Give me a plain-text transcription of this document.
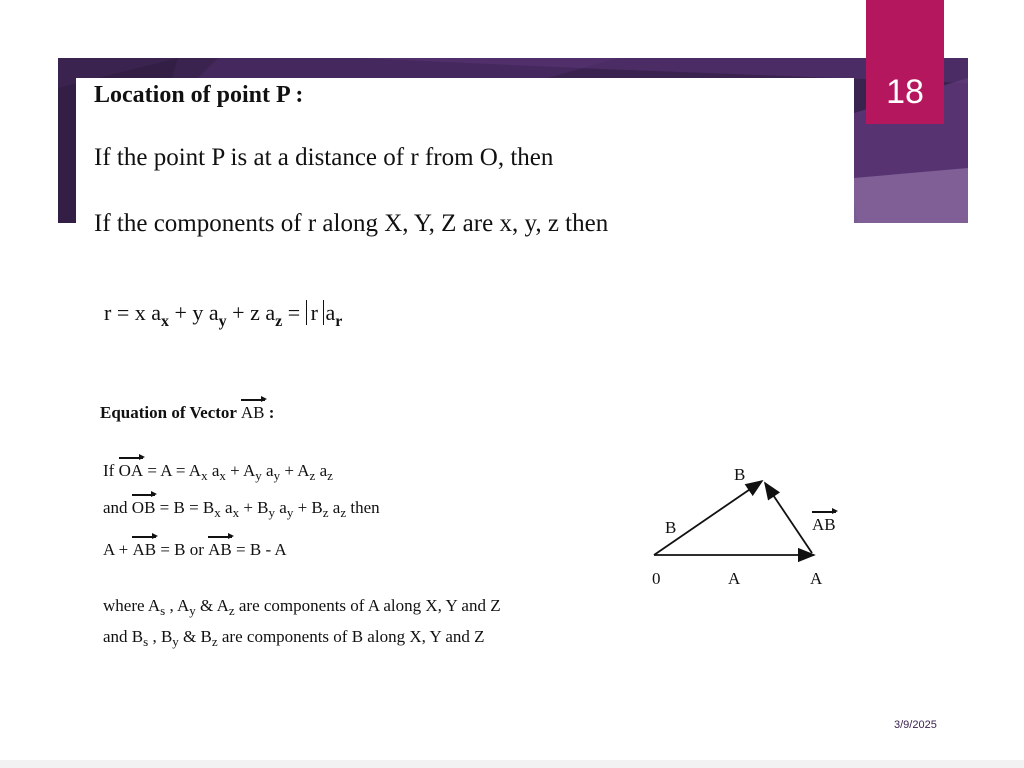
18
Location of point P :
If the point P is at a distance of r from O, then
If the components of r along X, Y, Z are x, y, z then
r = x $a_x + y$ $a_y + z$ $a_z = r$ $a_r$
Equation of Vector AB :
If OA = $A = A_x$ $a_x + A_y$ $a_y + A_z$ $a_z$
and OB = $B = B_x$ $a_x + B_y$ $a_y + B_z$ $a_z$ then
A + AB = B or AB = B - A
where $A_s$ , $A_y$ & $A_z$ are components of A along X, Y and Z
and $B_s$ , $B_y$ & $B_z$ are components of B along X, Y and Z
B
B	AB
0	A	A
3/9/2025
